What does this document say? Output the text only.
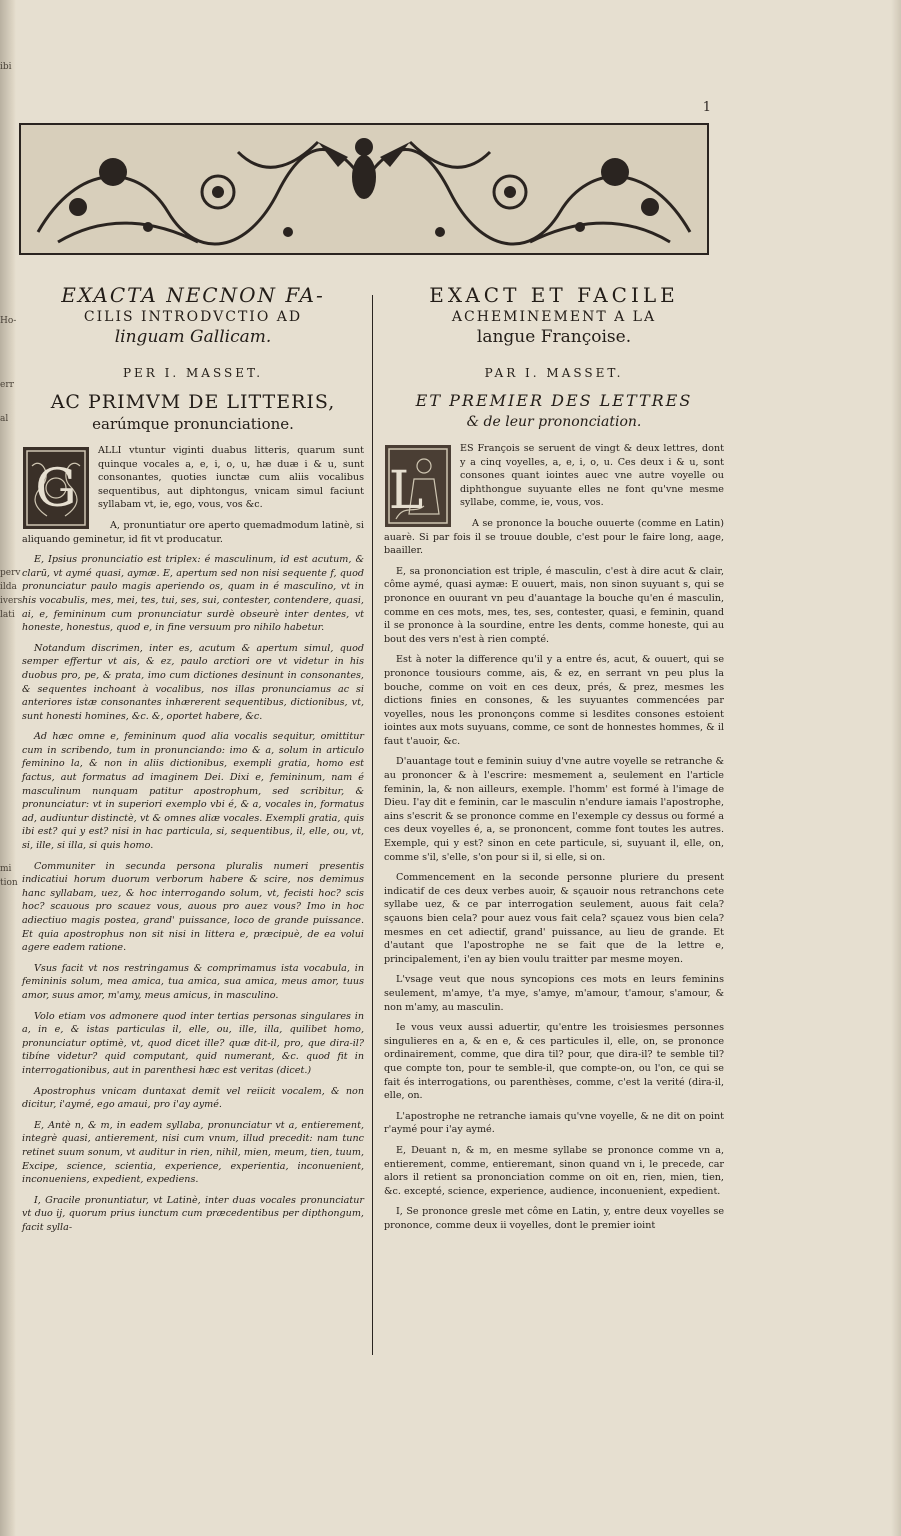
ibi
Ho-
err
al
perv
ilda
ivers
lati
mi
tion
1
EXACTA NECNON FA-
CILIS INTRODVCTIO AD
linguam Gallicam.
PER I. MASSET.
AC PRIMVM DE LITTERIS,
earúmque pronunciatione.
G

ALLI vtuntur viginti duabus litteris, quarum sunt quinque vocales a, e, i, o, u, hæ duæ i & u, sunt consonantes, quoties iunctæ cum aliis vocalibus sequentibus, aut diphtongus, vnicam simul faciunt syllabam vt, ie, ego, vous, vos &c.

A, pronuntiatur ore aperto quemadmodum latinè, si aliquando geminetur, id fit vt producatur.

E, Ipsius pronunciatio est triplex: é masculinum, id est acutum, & clarū, vt aymé quasi, aymæ. E, apertum sed non nisi sequente f, quod pronunciatur paulo magis aperiendo os, quam in é masculino, vt in his vocabulis, mes, mei, tes, tui, ses, sui, contester, contendere, quasi, ai, e, femininum cum pronunciatur surdè obseurè inter dentes, vt honeste, honestus, quod e, in fine versuum pro nihilo habetur.

Notandum discrimen, inter es, acutum & apertum simul, quod semper effertur vt ais, & ez, paulo arctiori ore vt videtur in his duobus pro, pe, & prata, imo cum dictiones desinunt in consonantes, & sequentes inchoant à vocalibus, nos illas pronunciamus ac si anteriores istæ consonantes inhærerent sequentibus, dictionibus, vt, sunt honesti homines, &c. &, oportet habere, &c.

Ad hæc omne e, femininum quod alia vocalis sequitur, omittitur cum in scribendo, tum in pronunciando: imo & a, solum in articulo feminino la, & non in aliis dictionibus, exempli gratia, homo est factus, aut formatus ad imaginem Dei. Dixi e, femininum, nam é masculinum nunquam patitur apostrophum, sed scribitur, & pronunciatur: vt in superiori exemplo vbi é, & a, vocales in, formatus ad, audiuntur distinctè, vt & omnes aliæ vocales. Exempli gratia, quis ibi est? qui y est? nisi in hac particula, si, sequentibus, il, elle, ou, vt, si, ille, si illa, si quis homo.

Communiter in secunda persona pluralis numeri presentis indicatiui horum duorum verborum habere & scire, nos demimus hanc syllabam, uez, & hoc interrogando solum, vt, fecisti hoc? scis hoc? scauous pro scauez vous, auous pro auez vous? Imo in hoc adiectiuo magis postea, grand' puissance, loco de grande puissance. Et quia apostrophus non sit nisi in littera e, præcipuè, de ea volui agere eadem ratione.

Vsus facit vt nos restringamus & comprimamus ista vocabula, in femininis solum, mea amica, tua amica, sua amica, meus amor, tuus amor, suus amor, m'amy, meus amicus, in masculino.

Volo etiam vos admonere quod inter tertias personas singulares in a, in e, & istas particulas il, elle, ou, ille, illa, quilibet homo, pronunciatur optimè, vt, quod dicet ille? quæ dit-il, pro, que dira-il? tibíne videtur? quid computant, quid numerant, &c. quod fit in interrogationibus, aut in parenthesi hæc est veritas (dicet.)

Apostrophus vnicam duntaxat demit vel reiicit vocalem, & non dicitur, i'aymé, ego amaui, pro i'ay aymé.

E, Antè n, & m, in eadem syllaba, pronunciatur vt a, entierement, integrè quasi, antierement, nisi cum vnum, illud precedit: nam tunc retinet suum sonum, vt auditur in rien, nihil, mien, meum, tien, tuum, Excipe, science, scientia, experience, experientia, inconuenient, inconueniens, expedient, expediens.

I, Gracile pronuntiatur, vt Latinè, inter duas vocales pronunciatur vt duo ij, quorum prius iunctum cum præcedentibus per dipthongum, facit sylla-

EXACT ET FACILE
ACHEMINEMENT A LA
langue Françoise.
PAR I. MASSET.
ET PREMIER DES LETTRES
& de leur prononciation.
L

ES François se seruent de vingt & deux lettres, dont y a cinq voyelles, a, e, i, o, u. Ces deux i & u, sont consones quant iointes auec vne autre voyelle ou diphthongue suyuante elles ne font qu'vne mesme syllabe, comme, ie, vous, vos.

A se prononce la bouche ouuerte (comme en Latin) auarè. Si par fois il se trouue double, c'est pour le faire long, aage, baailler.

E, sa prononciation est triple, é masculin, c'est à dire acut & clair, côme aymé, quasi aymæ: E ouuert, mais, non sinon suyuant s, qui se prononce en ouurant vn peu d'auantage la bouche qu'en é masculin, comme en ces mots, mes, tes, ses, contester, quasi, e feminin, quand il se prononce à la sourdine, entre les dents, comme honeste, qui au bout des vers n'est à rien compté.

Est à noter la difference qu'il y a entre és, acut, & ouuert, qui se prononce tousiours comme, ais, & ez, en serrant vn peu plus la bouche, comme on voit en ces deux, prés, & prez, mesmes les dictions finies en consones, & les suyuantes commencées par voyelles, nous les prononçons comme si lesdites consones estoient iointes aux mots suyuans, comme, ce sont de honnestes hommes, & il faut t'auoir, &c.

D'auantage tout e feminin suiuy d'vne autre voyelle se retranche & au prononcer & à l'escrire: mesmement a, seulement en l'article feminin, la, & non ailleurs, exemple. l'homm' est formé à l'image de Dieu. I'ay dit e feminin, car le masculin n'endure iamais l'apostrophe, ains s'escrit & se prononce comme en l'exemple cy dessus ou formé a ces deux voyelles é, a, se prononcent, comme font toutes les autres. Exemple, qui y est? sinon en cete particule, si, suyuant il, elle, on, comme s'il, s'elle, s'on pour si il, si elle, si on.

Commencement en la seconde personne pluriere du present indicatif de ces deux verbes auoir, & sçauoir nous retranchons cete syllabe uez, & ce par interrogation seulement, auous fait cela? sçauons bien cela? pour auez vous fait cela? sçauez vous bien cela? mesmes en cet adiectif, grand' puissance, au lieu de grande. Et d'autant que l'apostrophe ne se fait que de la lettre e, principalement, i'en ay bien voulu traitter par mesme moyen.

L'vsage veut que nous syncopions ces mots en leurs feminins seulement, m'amye, t'a mye, s'amye, m'amour, t'amour, s'amour, & non m'amy, au masculin.

Ie vous veux aussi aduertir, qu'entre les troisiesmes personnes singulieres en a, & en e, & ces particules il, elle, on, se prononce ordinairement, comme, que dira til? pour, que dira-il? te semble til? que compte ton, pour te semble-il, que compte-on, ou l'on, ce qui se fait és interrogations, ou parenthèses, comme, c'est la verité (dira-il, elle, on.

L'apostrophe ne retranche iamais qu'vne voyelle, & ne dit on point r'aymé pour i'ay aymé.

E, Deuant n, & m, en mesme syllabe se prononce comme vn a, entierement, comme, entieremant, sinon quand vn i, le precede, car alors il retient sa prononciation comme on oit en, rien, mien, tien, &c. excepté, science, experience, audience, inconuenient, expedient.

I, Se prononce gresle met côme en Latin, y, entre deux voyelles se prononce, comme deux ii voyelles, dont le premier ioint
